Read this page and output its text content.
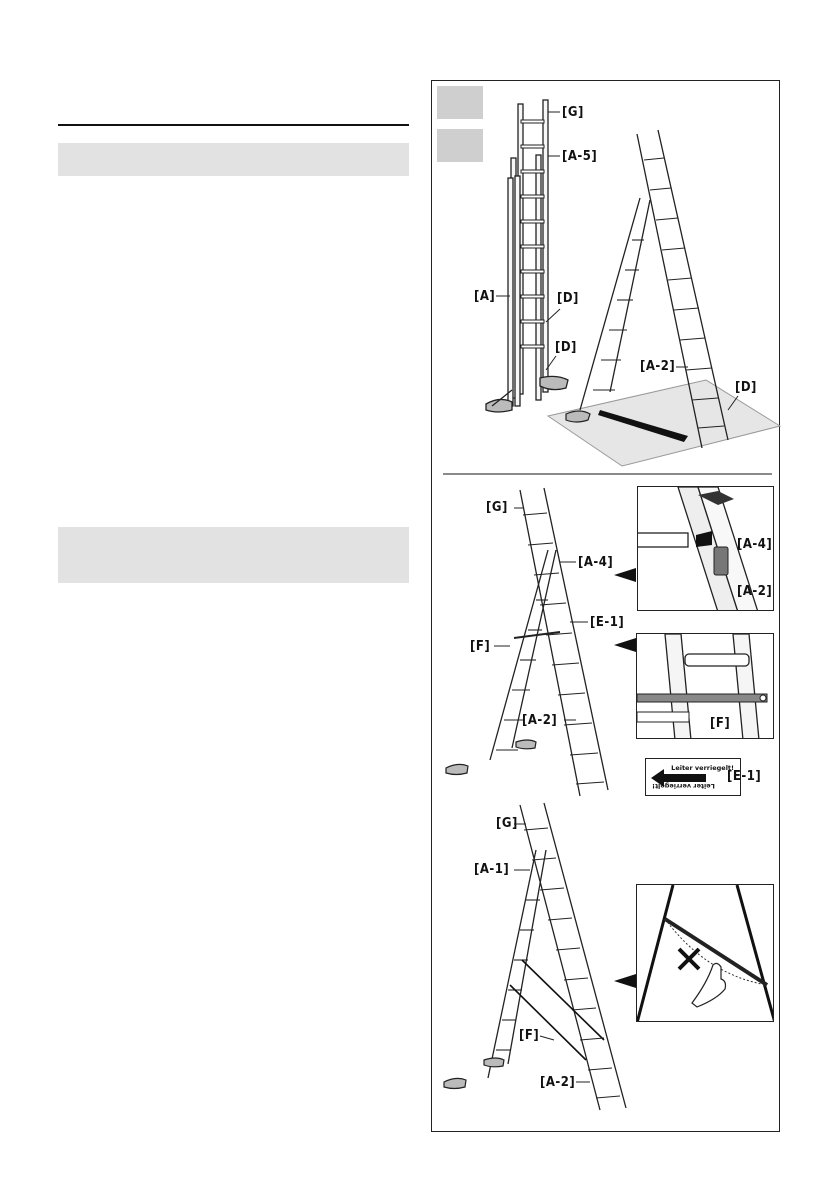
Leiter verriegelt!
Leiter verriegelt!
[G]
[A-5]
[A]	[D]
[D]
[A-2]
[D]
[G]
[A-4]
[E-1]
[F]
[A-2]
[A-4]
[A-2]
[F]
[E-1]
[G]
[A-1]
[F]
[A-2]
